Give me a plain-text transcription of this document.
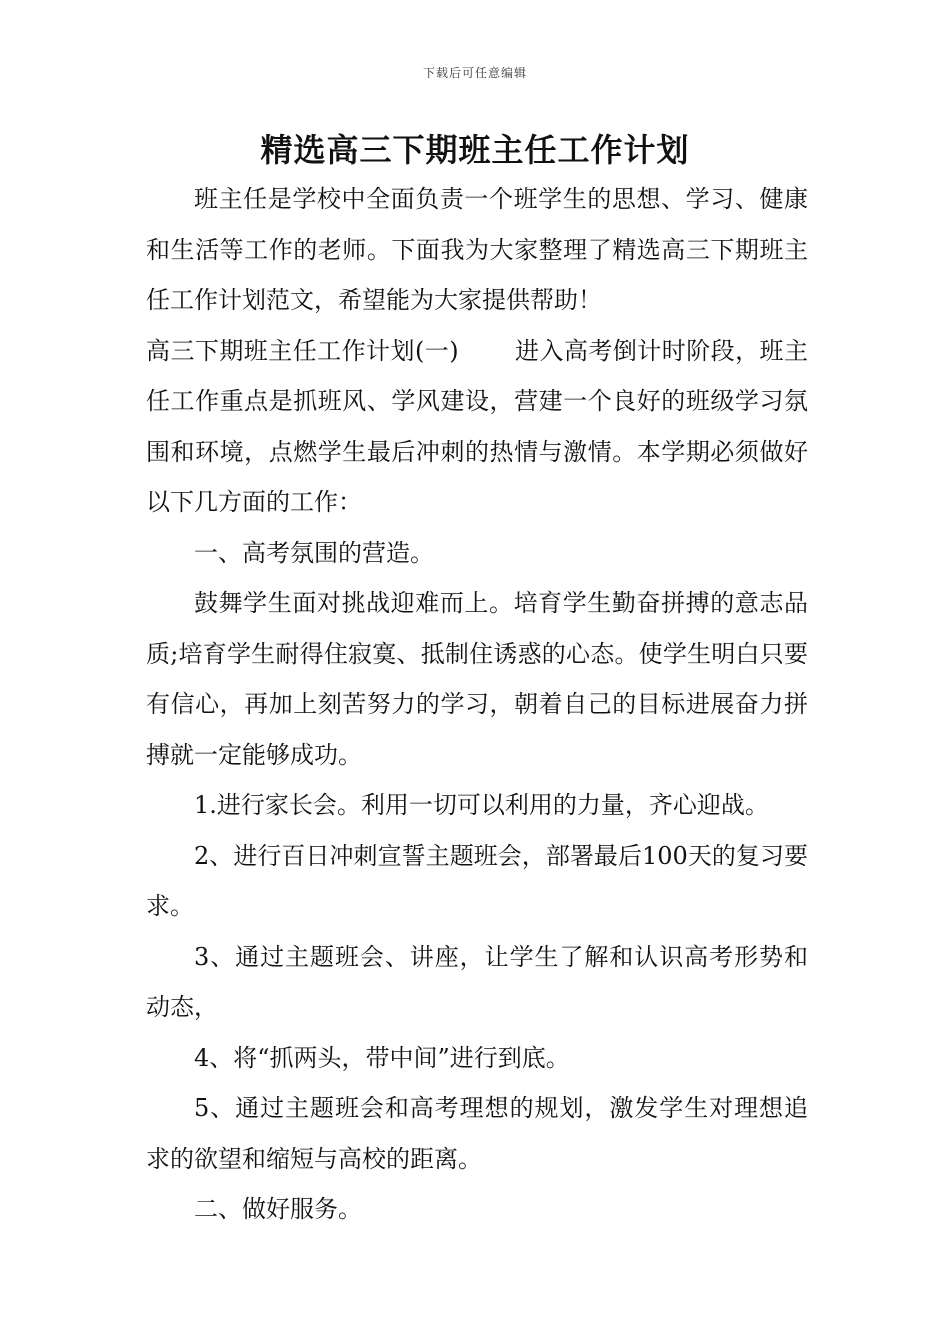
下载后可任意编辑
精选高三下期班主任工作计划

班主任是学校中全面负责一个班学生的思想、学习、健康和生活等工作的老师。下面我为大家整理了精选高三下期班主任工作计划范文，希望能为大家提供帮助！

高三下期班主任工作计划(一) 进入高考倒计时阶段，班主任工作重点是抓班风、学风建设，营建一个良好的班级学习氛围和环境，点燃学生最后冲刺的热情与激情。本学期必须做好以下几方面的工作：

一、高考氛围的营造。

鼓舞学生面对挑战迎难而上。培育学生勤奋拼搏的意志品质;培育学生耐得住寂寞、抵制住诱惑的心态。使学生明白只要有信心，再加上刻苦努力的学习，朝着自己的目标进展奋力拼搏就一定能够成功。

1.进行家长会。利用一切可以利用的力量，齐心迎战。

2、进行百日冲刺宣誓主题班会，部署最后100天的复习要求。

3、通过主题班会、讲座，让学生了解和认识高考形势和动态，

4、将“抓两头，带中间”进行到底。

5、通过主题班会和高考理想的规划，激发学生对理想追求的欲望和缩短与高校的距离。

二、做好服务。
